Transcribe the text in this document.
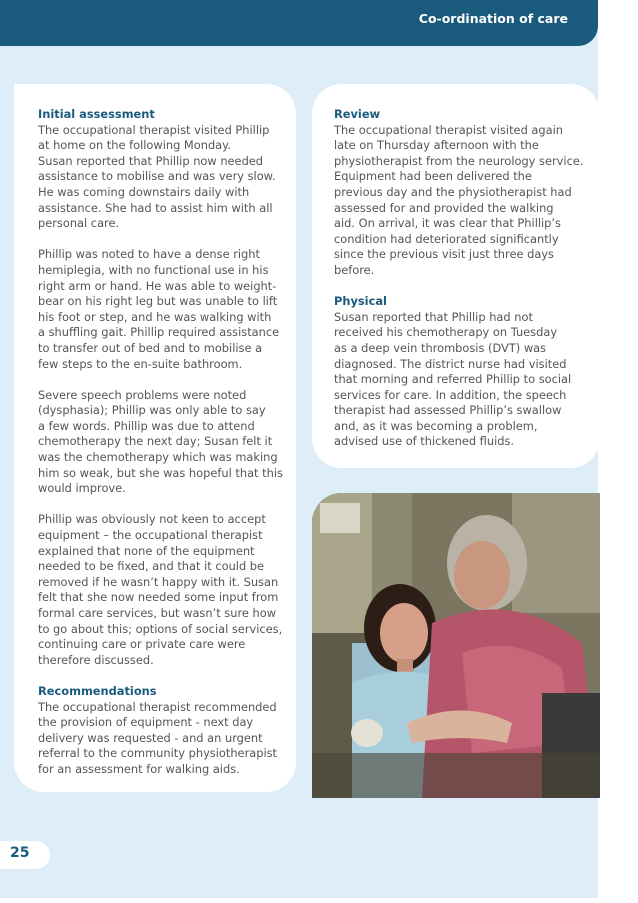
Co-ordination of care
Initial assessment

The occupational therapist visited Phillip
at home on the following Monday.
Susan reported that Phillip now needed
assistance to mobilise and was very slow.
He was coming downstairs daily with
assistance. She had to assist him with all
personal care.

Phillip was noted to have a dense right
hemiplegia, with no functional use in his
right arm or hand. He was able to weight-
bear on his right leg but was unable to lift
his foot or step, and he was walking with
a shuffling gait. Phillip required assistance
to transfer out of bed and to mobilise a
few steps to the en-suite bathroom.

Severe speech problems were noted
(dysphasia); Phillip was only able to say
a few words. Phillip was due to attend
chemotherapy the next day; Susan felt it
was the chemotherapy which was making
him so weak, but she was hopeful that this
would improve.

Phillip was obviously not keen to accept
equipment – the occupational therapist
explained that none of the equipment
needed to be fixed, and that it could be
removed if he wasn’t happy with it. Susan
felt that she now needed some input from
formal care services, but wasn’t sure how
to go about this; options of social services,
continuing care or private care were
therefore discussed.

Recommendations

The occupational therapist recommended
the provision of equipment - next day
delivery was requested - and an urgent
referral to the community physiotherapist
for an assessment for walking aids.

Review

The occupational therapist visited again
late on Thursday afternoon with the
physiotherapist from the neurology service.
Equipment had been delivered the
previous day and the physiotherapist had
assessed for and provided the walking
aid. On arrival, it was clear that Phillip’s
condition had deteriorated significantly
since the previous visit just three days
before.

Physical

Susan reported that Phillip had not
received his chemotherapy on Tuesday
as a deep vein thrombosis (DVT) was
diagnosed. The district nurse had visited
that morning and referred Phillip to social
services for care. In addition, the speech
therapist had assessed Phillip’s swallow
and, as it was becoming a problem,
advised use of thickened fluids.

25
